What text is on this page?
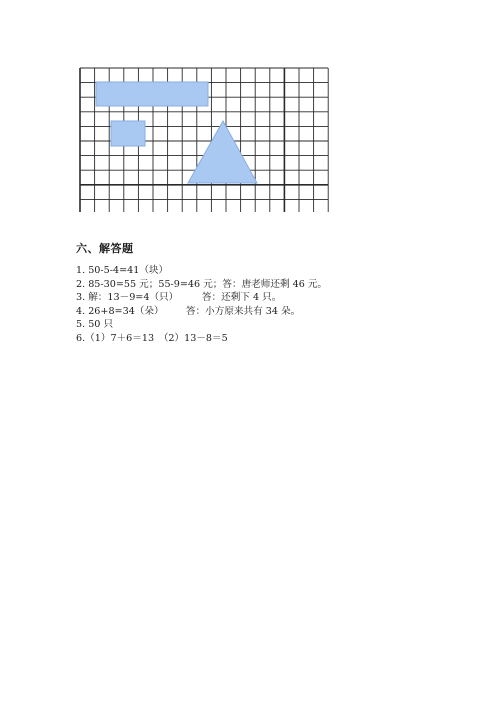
六、解答题
1. 50-5-4=41（块）
2. 85-30=55 元；55-9=46 元；答：唐老师还剩 46 元。
3. 解：13－9=4（只） 答：还剩下 4 只。
4. 26+8=34（朵） 答：小方原来共有 34 朵。
5. 50 只
6.（1）7＋6＝13　（2）13－8＝5
